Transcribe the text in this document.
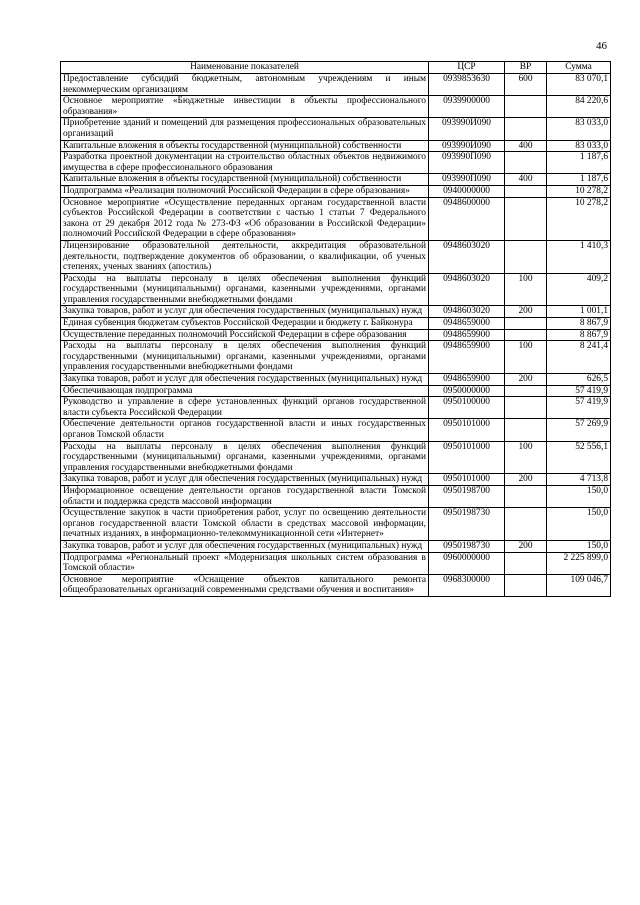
46
Наименование показателей	ЦСР	ВР	Сумма
Предоставление субсидий бюджетным, автономным учреждениям и иным некоммерческим организациям	0939853630	600	83 070,1
Основное мероприятие «Бюджетные инвестиции в объекты профессионального образования»	0939900000		84 220,6
Приобретение зданий и помещений для размещения профессиональных образовательных организаций	093990И090		83 033,0
Капитальные вложения в объекты государственной (муниципальной) собственности	093990И090	400	83 033,0
Разработка проектной документации на строительство областных объектов недвижимого имущества в сфере профессионального образования	093990П090		1 187,6
Капитальные вложения в объекты государственной (муниципальной) собственности	093990П090	400	1 187,6
Подпрограмма «Реализация полномочий Российской Федерации в сфере образования»	0940000000		10 278,2
Основное мероприятие «Осуществление переданных органам государственной власти субъектов Российской Федерации в соответствии с частью 1 статьи 7 Федерального закона от 29 декабря 2012 года № 273-ФЗ «Об образовании в Российской Федерации» полномочий Российской Федерации в сфере образования»	0948600000		10 278,2
Лицензирование образовательной деятельности, аккредитация образовательной деятельности, подтверждение документов об образовании, о квалификации, об ученых степенях, ученых званиях (апостиль)	0948603020		1 410,3
Расходы на выплаты персоналу в целях обеспечения выполнения функций государственными (муниципальными) органами, казенными учреждениями, органами управления государственными внебюджетными фондами	0948603020	100	409,2
Закупка товаров, работ и услуг для обеспечения государственных (муниципальных) нужд	0948603020	200	1 001,1
Единая субвенция бюджетам субъектов Российской Федерации и бюджету г. Байконура	0948659000		8 867,9
Осуществление переданных полномочий Российской Федерации в сфере образования	0948659900		8 867,9
Расходы на выплаты персоналу в целях обеспечения выполнения функций государственными (муниципальными) органами, казенными учреждениями, органами управления государственными внебюджетными фондами	0948659900	100	8 241,4
Закупка товаров, работ и услуг для обеспечения государственных (муниципальных) нужд	0948659900	200	626,5
Обеспечивающая подпрограмма	0950000000		57 419,9
Руководство и управление в сфере установленных функций органов государственной власти субъекта Российской Федерации	0950100000		57 419,9
Обеспечение деятельности органов государственной власти и иных государственных органов Томской области	0950101000		57 269,9
Расходы на выплаты персоналу в целях обеспечения выполнения функций государственными (муниципальными) органами, казенными учреждениями, органами управления государственными внебюджетными фондами	0950101000	100	52 556,1
Закупка товаров, работ и услуг для обеспечения государственных (муниципальных) нужд	0950101000	200	4 713,8
Информационное освещение деятельности органов государственной власти Томской области и поддержка средств массовой информации	0950198700		150,0
Осуществление закупок в части приобретения работ, услуг по освещению деятельности органов государственной власти Томской области в средствах массовой информации, печатных изданиях, в информационно-телекоммуникационной сети «Интернет»	0950198730		150,0
Закупка товаров, работ и услуг для обеспечения государственных (муниципальных) нужд	0950198730	200	150,0
Подпрограмма «Региональный проект «Модернизация школьных систем образования в Томской области»	0960000000		2 225 899,0
Основное мероприятие «Оснащение объектов капитального ремонта общеобразовательных организаций современными средствами обучения и воспитания»	0968300000		109 046,7
